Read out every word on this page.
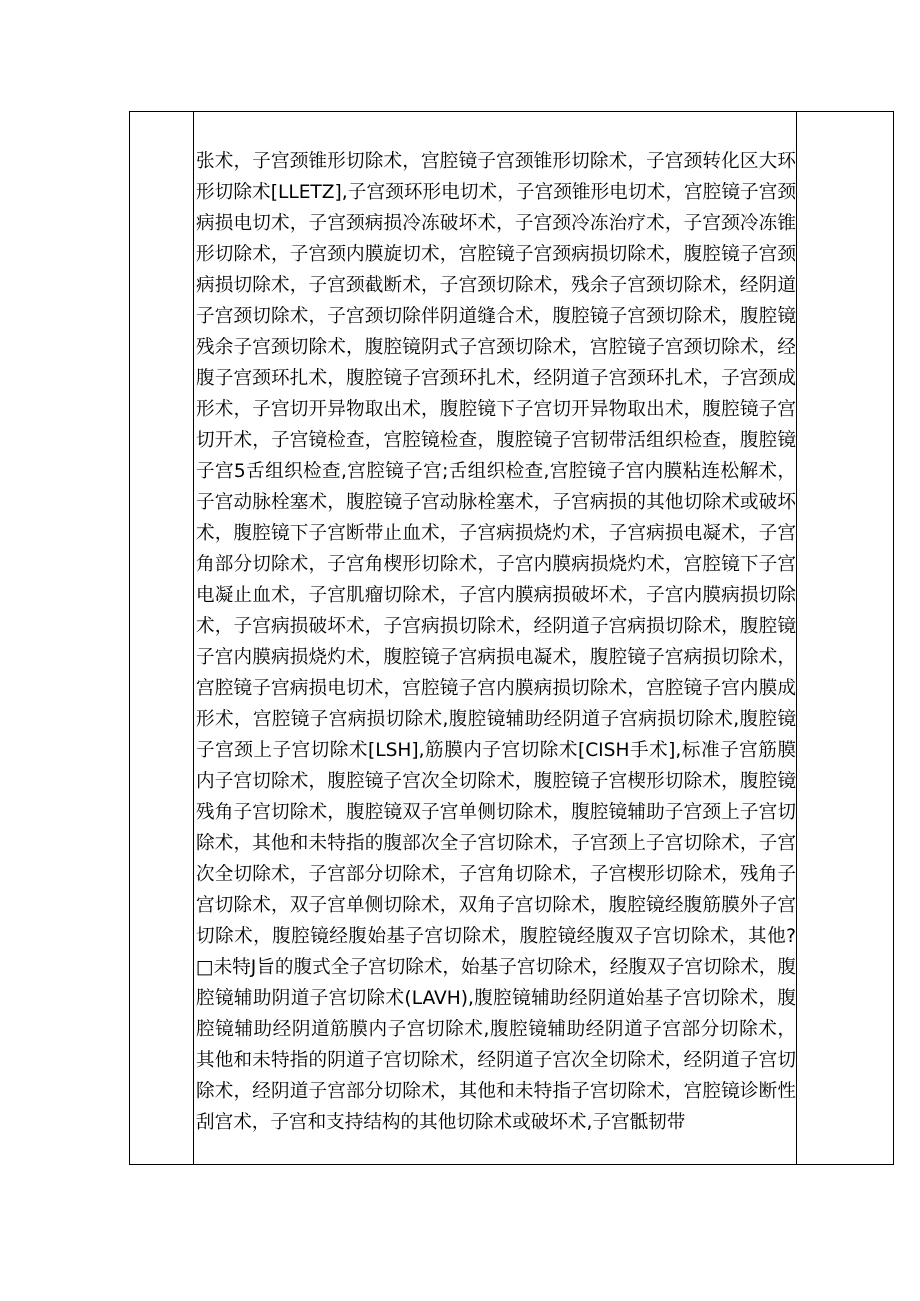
张术，子宫颈锥形切除术，宫腔镜子宫颈锥形切除术，子宫颈转化区大环形切除术[LLETZ],子宫颈环形电切术，子宫颈锥形电切术，宫腔镜子宫颈病损电切术，子宫颈病损冷冻破坏术，子宫颈冷冻治疗术，子宫颈冷冻锥形切除术，子宫颈内膜旋切术，宫腔镜子宫颈病损切除术，腹腔镜子宫颈病损切除术，子宫颈截断术，子宫颈切除术，残余子宫颈切除术，经阴道子宫颈切除术，子宫颈切除伴阴道缝合术，腹腔镜子宫颈切除术，腹腔镜残余子宫颈切除术，腹腔镜阴式子宫颈切除术，宫腔镜子宫颈切除术，经腹子宫颈环扎术，腹腔镜子宫颈环扎术，经阴道子宫颈环扎术，子宫颈成形术，子宫切开异物取出术，腹腔镜下子宫切开异物取出术，腹腔镜子宫切开术，子宫镜检查，宫腔镜检查，腹腔镜子宫韧带活组织检查，腹腔镜子宫5舌组织检查,宫腔镜子宫;舌组织检查,宫腔镜子宫内膜粘连松解术，子宫动脉栓塞术，腹腔镜子宫动脉栓塞术，子宫病损的其他切除术或破坏术，腹腔镜下子宫断带止血术，子宫病损烧灼术，子宫病损电凝术，子宫角部分切除术，子宫角楔形切除术，子宫内膜病损烧灼术，宫腔镜下子宫电凝止血术，子宫肌瘤切除术，子宫内膜病损破坏术，子宫内膜病损切除术，子宫病损破坏术，子宫病损切除术，经阴道子宫病损切除术，腹腔镜子宫内膜病损烧灼术，腹腔镜子宫病损电凝术，腹腔镜子宫病损切除术，宫腔镜子宫病损电切术，宫腔镜子宫内膜病损切除术，宫腔镜子宫内膜成形术，宫腔镜子宫病损切除术,腹腔镜辅助经阴道子宫病损切除术,腹腔镜子宫颈上子宫切除术[LSH],筋膜内子宫切除术[CISH手术],标准子宫筋膜内子宫切除术，腹腔镜子宫次全切除术，腹腔镜子宫楔形切除术，腹腔镜残角子宫切除术，腹腔镜双子宫单侧切除术，腹腔镜辅助子宫颈上子宫切除术，其他和未特指的腹部次全子宫切除术，子宫颈上子宫切除术，子宫次全切除术，子宫部分切除术，子宫角切除术，子宫楔形切除术，残角子宫切除术，双子宫单侧切除术，双角子宫切除术，腹腔镜经腹筋膜外子宫切除术，腹腔镜经腹始基子宫切除术，腹腔镜经腹双子宫切除术，其他?□未特J旨的腹式全子宫切除术，始基子宫切除术，经腹双子宫切除术，腹腔镜辅助阴道子宫切除术(LAVH),腹腔镜辅助经阴道始基子宫切除术，腹腔镜辅助经阴道筋膜内子宫切除术,腹腔镜辅助经阴道子宫部分切除术，其他和未特指的阴道子宫切除术，经阴道子宫次全切除术，经阴道子宫切除术，经阴道子宫部分切除术，其他和未特指子宫切除术，宫腔镜诊断性刮宫术，子宫和支持结构的其他切除术或破坏术,子宫骶韧带
